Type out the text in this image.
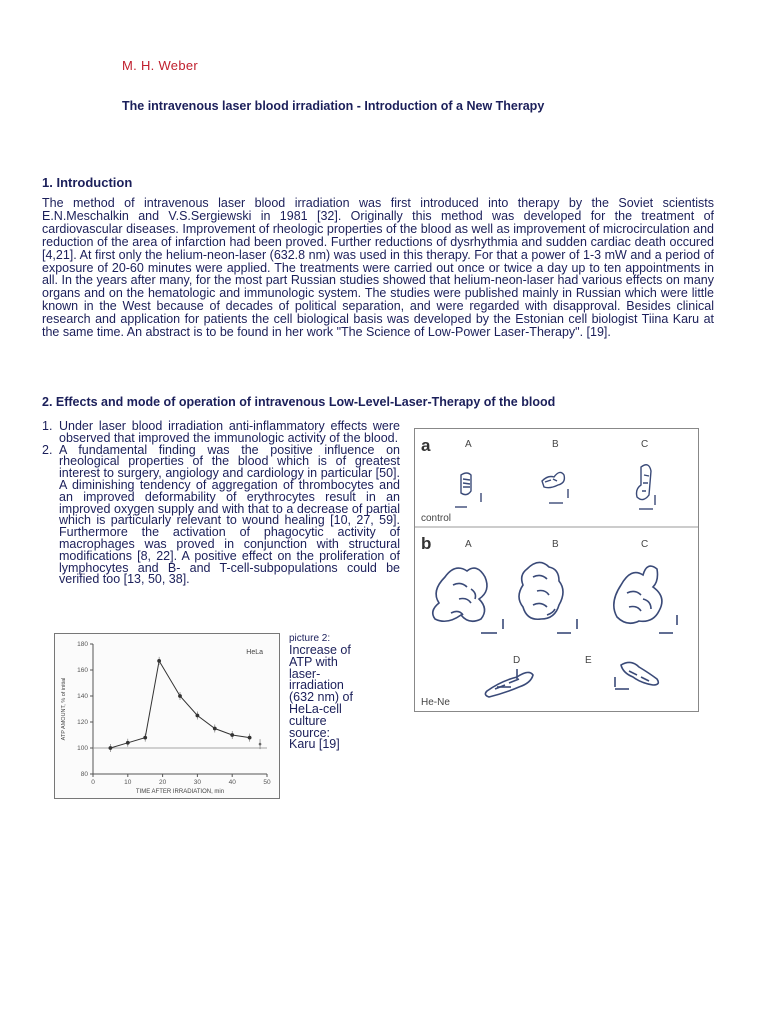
M. H. Weber
The intravenous laser blood irradiation - Introduction of a New Therapy
1. Introduction
The method of intravenous laser blood irradiation was first introduced into therapy by the Soviet scientists E.N.Meschalkin and V.S.Sergiewski in 1981 [32]. Originally this method was developed for the treatment of cardiovascular diseases. Improvement of rheologic properties of the blood as well as improvement of microcirculation and reduction of the area of infarction had been proved. Further reductions of dysrhythmia and sudden cardiac death occured [4,21]. At first only the helium-neon-laser (632.8 nm) was used in this therapy. For that a power of 1-3 mW and a period of exposure of 20-60 minutes were applied. The treatments were carried out once or twice a day up to ten appointments in all. In the years after many, for the most part Russian studies showed that helium-neon-laser had various effects on many organs and on the hematologic and immunologic system. The studies were published mainly in Russian which were little known in the West because of decades of political separation, and were regarded with disapproval. Besides clinical research and application for patients the cell biological basis was developed by the Estonian cell biologist Tiina Karu at the same time. An abstract is to be found in her work "The Science of Low-Power Laser-Therapy". [19].
2. Effects and mode of operation of intravenous Low-Level-Laser-Therapy of the blood
1. Under laser blood irradiation anti-inflammatory effects were observed that improved the immunologic activity of the blood.
2. A fundamental finding was the positive influence on rheological properties of the blood which is of greatest interest to surgery, angiology and cardiology in particular [50]. A diminishing tendency of aggregation of thrombocytes and an improved deformability of erythrocytes result in an improved oxygen supply and with that to a decrease of partial which is particularly relevant to wound healing [10, 27, 59]. Furthermore the activation of phagocytic activity of macrophages was proved in conjunction with structural modifications [8, 22]. A positive effect on the proliferation of lymphocytes and B- and T-cell-subpopulations could be verified too [13, 50, 38].
0	10	20	30	40	50
80
100
120
140
160
180
TIME AFTER IRRADIATION, min
ATP AMOUNT, % of initial
HeLa
picture 2:
Increase of ATP with laser-irradiation (632 nm) of HeLa-cell culture source: Karu [19]
a
b
A	B	C
A	B	C
D	E
control
He-Ne
